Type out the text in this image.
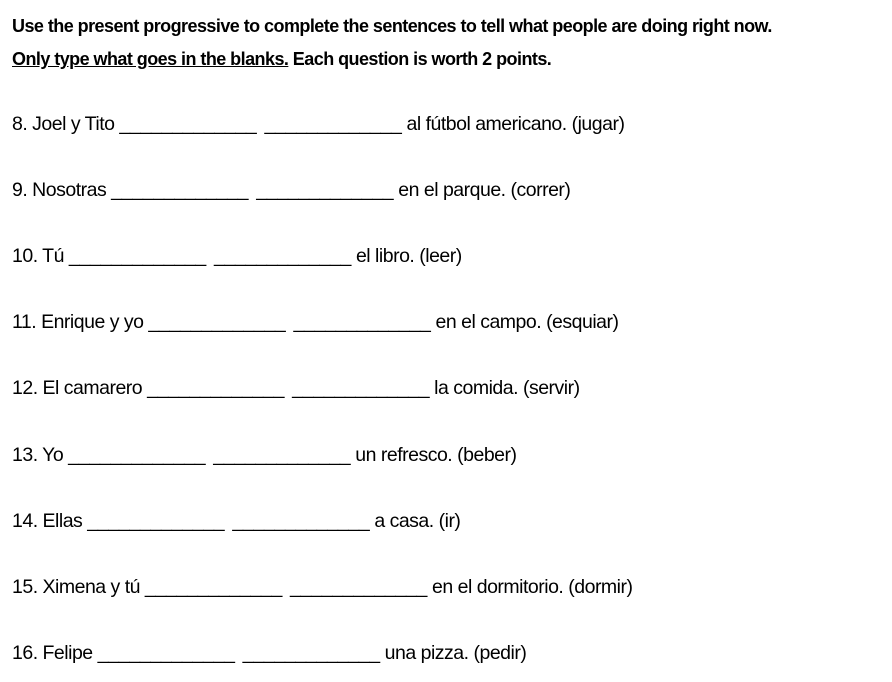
Use the present progressive to complete the sentences to tell what people are doing right now.
Only type what goes in the blanks. Each question is worth 2 points.
8. Joel y Tito _____________ _____________ al fútbol americano. (jugar)
9. Nosotras _____________ _____________ en el parque. (correr)
10. Tú _____________ _____________ el libro. (leer)
11. Enrique y yo _____________ _____________ en el campo. (esquiar)
12. El camarero _____________ _____________ la comida. (servir)
13. Yo _____________ _____________ un refresco. (beber)
14. Ellas _____________ _____________ a casa. (ir)
15. Ximena y tú _____________ _____________ en el dormitorio. (dormir)
16. Felipe _____________ _____________ una pizza. (pedir)
